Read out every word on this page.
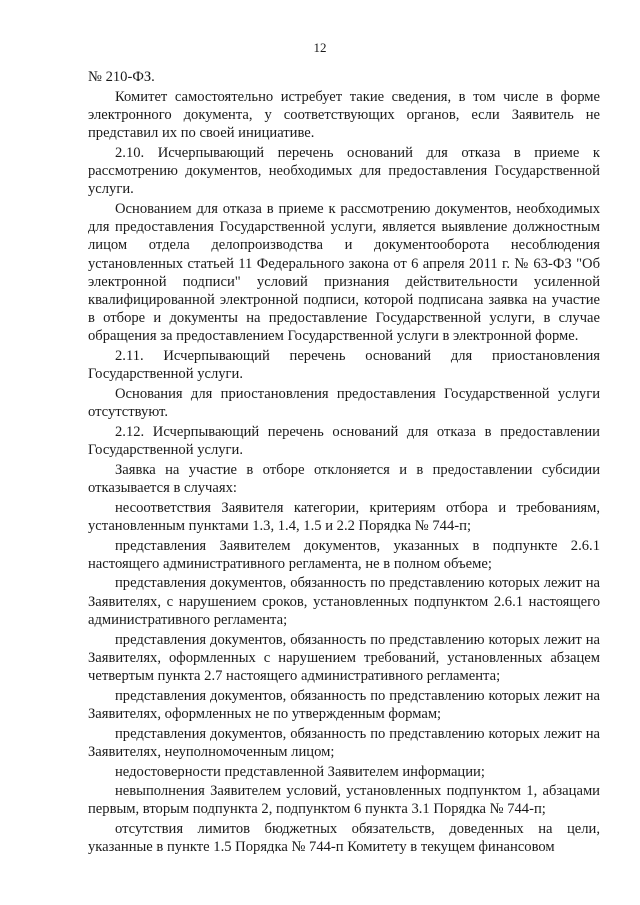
12

№ 210-ФЗ.

Комитет самостоятельно истребует такие сведения, в том числе в форме электронного документа, у соответствующих органов, если Заявитель не представил их по своей инициативе.

2.10. Исчерпывающий перечень оснований для отказа в приеме к рассмотрению документов, необходимых для предоставления Государственной услуги.

Основанием для отказа в приеме к рассмотрению документов, необходимых для предоставления Государственной услуги, является выявление должностным лицом отдела делопроизводства и документооборота несоблюдения установленных статьей 11 Федерального закона от 6 апреля 2011 г. № 63-ФЗ "Об электронной подписи" условий признания действительности усиленной квалифицированной электронной подписи, которой подписана заявка на участие в отборе и документы на предоставление Государственной услуги, в случае обращения за предоставлением Государственной услуги в электронной форме.

2.11. Исчерпывающий перечень оснований для приостановления Государственной услуги.

Основания для приостановления предоставления Государственной услуги отсутствуют.

2.12. Исчерпывающий перечень оснований для отказа в предоставлении Государственной услуги.

Заявка на участие в отборе отклоняется и в предоставлении субсидии отказывается в случаях:

несоответствия Заявителя категории, критериям отбора и требованиям, установленным пунктами 1.3, 1.4, 1.5 и 2.2 Порядка № 744-п;

представления Заявителем документов, указанных в подпункте 2.6.1 настоящего административного регламента, не в полном объеме;

представления документов, обязанность по представлению которых лежит на Заявителях, с нарушением сроков, установленных подпунктом 2.6.1 настоящего административного регламента;

представления документов, обязанность по представлению которых лежит на Заявителях, оформленных с нарушением требований, установленных абзацем четвертым пункта 2.7 настоящего административного регламента;

представления документов, обязанность по представлению которых лежит на Заявителях, оформленных не по утвержденным формам;

представления документов, обязанность по представлению которых лежит на Заявителях, неуполномоченным лицом;

недостоверности представленной Заявителем информации;

невыполнения Заявителем условий, установленных подпунктом 1, абзацами первым, вторым подпункта 2, подпунктом 6 пункта 3.1 Порядка № 744-п;

отсутствия лимитов бюджетных обязательств, доведенных на цели, указанные в пункте 1.5 Порядка № 744-п Комитету в текущем финансовом
